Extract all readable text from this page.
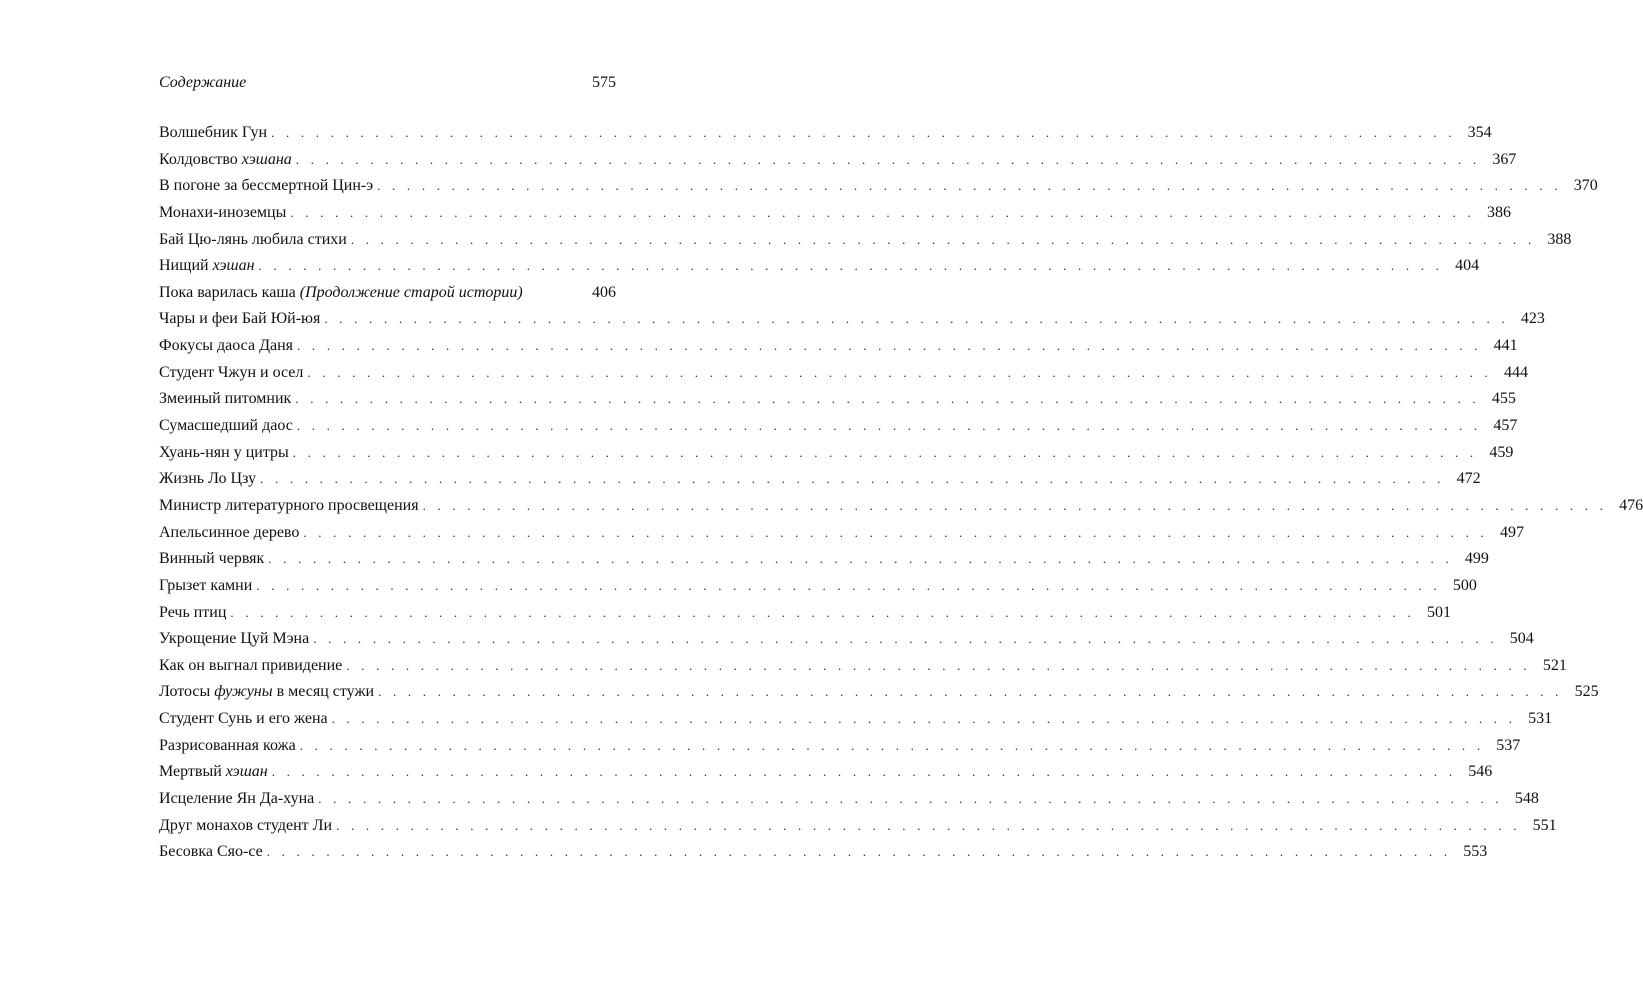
Содержание	575
Волшебник Гун . . . . . . . . . . . . . . . . . . . . . . . . . . . . . . . . . . . . . . . . . . . . . . . . . . . . . . . . . . . . . . . . . . . . . . . . . . . . . . . . 354
Колдовство хэшана . . . . . . . . . . . . . . . . . . . . . . . . . . . . . . . . . . . . . . . . . . . . . . . . . . . . . . . . . . . . . . . . . . . . . . . . . . . . . . . . 367
В погоне за бессмертной Цин-э . . . . . . . . . . . . . . . . . . . . . . . . . . . . . . . . . . . . . . . . . . . . . . . . . . . . . . . . . . . . . . . . . . . . . . . . . . . . . . . . 370
Монахи-иноземцы . . . . . . . . . . . . . . . . . . . . . . . . . . . . . . . . . . . . . . . . . . . . . . . . . . . . . . . . . . . . . . . . . . . . . . . . . . . . . . . . 386
Бай Цю-лянь любила стихи . . . . . . . . . . . . . . . . . . . . . . . . . . . . . . . . . . . . . . . . . . . . . . . . . . . . . . . . . . . . . . . . . . . . . . . . . . . . . . . . 388
Нищий хэшан . . . . . . . . . . . . . . . . . . . . . . . . . . . . . . . . . . . . . . . . . . . . . . . . . . . . . . . . . . . . . . . . . . . . . . . . . . . . . . . . 404
Пока варилась каша (Продолжение старой истории)	406
Чары и феи Бай Юй-юя . . . . . . . . . . . . . . . . . . . . . . . . . . . . . . . . . . . . . . . . . . . . . . . . . . . . . . . . . . . . . . . . . . . . . . . . . . . . . . . . 423
Фокусы даоса Даня . . . . . . . . . . . . . . . . . . . . . . . . . . . . . . . . . . . . . . . . . . . . . . . . . . . . . . . . . . . . . . . . . . . . . . . . . . . . . . . . 441
Студент Чжун и осел . . . . . . . . . . . . . . . . . . . . . . . . . . . . . . . . . . . . . . . . . . . . . . . . . . . . . . . . . . . . . . . . . . . . . . . . . . . . . . . . 444
Змеиный питомник . . . . . . . . . . . . . . . . . . . . . . . . . . . . . . . . . . . . . . . . . . . . . . . . . . . . . . . . . . . . . . . . . . . . . . . . . . . . . . . . 455
Сумасшедший даос . . . . . . . . . . . . . . . . . . . . . . . . . . . . . . . . . . . . . . . . . . . . . . . . . . . . . . . . . . . . . . . . . . . . . . . . . . . . . . . . 457
Хуань-нян у цитры . . . . . . . . . . . . . . . . . . . . . . . . . . . . . . . . . . . . . . . . . . . . . . . . . . . . . . . . . . . . . . . . . . . . . . . . . . . . . . . . 459
Жизнь Ло Цзу . . . . . . . . . . . . . . . . . . . . . . . . . . . . . . . . . . . . . . . . . . . . . . . . . . . . . . . . . . . . . . . . . . . . . . . . . . . . . . . . 472
Министр литературного просвещения . . . . . . . . . . . . . . . . . . . . . . . . . . . . . . . . . . . . . . . . . . . . . . . . . . . . . . . . . . . . . . . . . . . . . . . . . . . . . . . . 476
Апельсинное дерево . . . . . . . . . . . . . . . . . . . . . . . . . . . . . . . . . . . . . . . . . . . . . . . . . . . . . . . . . . . . . . . . . . . . . . . . . . . . . . . . 497
Винный червяк . . . . . . . . . . . . . . . . . . . . . . . . . . . . . . . . . . . . . . . . . . . . . . . . . . . . . . . . . . . . . . . . . . . . . . . . . . . . . . . . 499
Грызет камни . . . . . . . . . . . . . . . . . . . . . . . . . . . . . . . . . . . . . . . . . . . . . . . . . . . . . . . . . . . . . . . . . . . . . . . . . . . . . . . . 500
Речь птиц . . . . . . . . . . . . . . . . . . . . . . . . . . . . . . . . . . . . . . . . . . . . . . . . . . . . . . . . . . . . . . . . . . . . . . . . . . . . . . . . 501
Укрощение Цуй Мэна . . . . . . . . . . . . . . . . . . . . . . . . . . . . . . . . . . . . . . . . . . . . . . . . . . . . . . . . . . . . . . . . . . . . . . . . . . . . . . . . 504
Как он выгнал привидение . . . . . . . . . . . . . . . . . . . . . . . . . . . . . . . . . . . . . . . . . . . . . . . . . . . . . . . . . . . . . . . . . . . . . . . . . . . . . . . . 521
Лотосы фужуны в месяц стужи . . . . . . . . . . . . . . . . . . . . . . . . . . . . . . . . . . . . . . . . . . . . . . . . . . . . . . . . . . . . . . . . . . . . . . . . . . . . . . . . 525
Студент Сунь и его жена . . . . . . . . . . . . . . . . . . . . . . . . . . . . . . . . . . . . . . . . . . . . . . . . . . . . . . . . . . . . . . . . . . . . . . . . . . . . . . . . 531
Разрисованная кожа . . . . . . . . . . . . . . . . . . . . . . . . . . . . . . . . . . . . . . . . . . . . . . . . . . . . . . . . . . . . . . . . . . . . . . . . . . . . . . . . 537
Мертвый хэшан . . . . . . . . . . . . . . . . . . . . . . . . . . . . . . . . . . . . . . . . . . . . . . . . . . . . . . . . . . . . . . . . . . . . . . . . . . . . . . . . 546
Исцеление Ян Да-хуна . . . . . . . . . . . . . . . . . . . . . . . . . . . . . . . . . . . . . . . . . . . . . . . . . . . . . . . . . . . . . . . . . . . . . . . . . . . . . . . . 548
Друг монахов студент Ли . . . . . . . . . . . . . . . . . . . . . . . . . . . . . . . . . . . . . . . . . . . . . . . . . . . . . . . . . . . . . . . . . . . . . . . . . . . . . . . . 551
Бесовка Сяо-се . . . . . . . . . . . . . . . . . . . . . . . . . . . . . . . . . . . . . . . . . . . . . . . . . . . . . . . . . . . . . . . . . . . . . . . . . . . . . . . . 553
